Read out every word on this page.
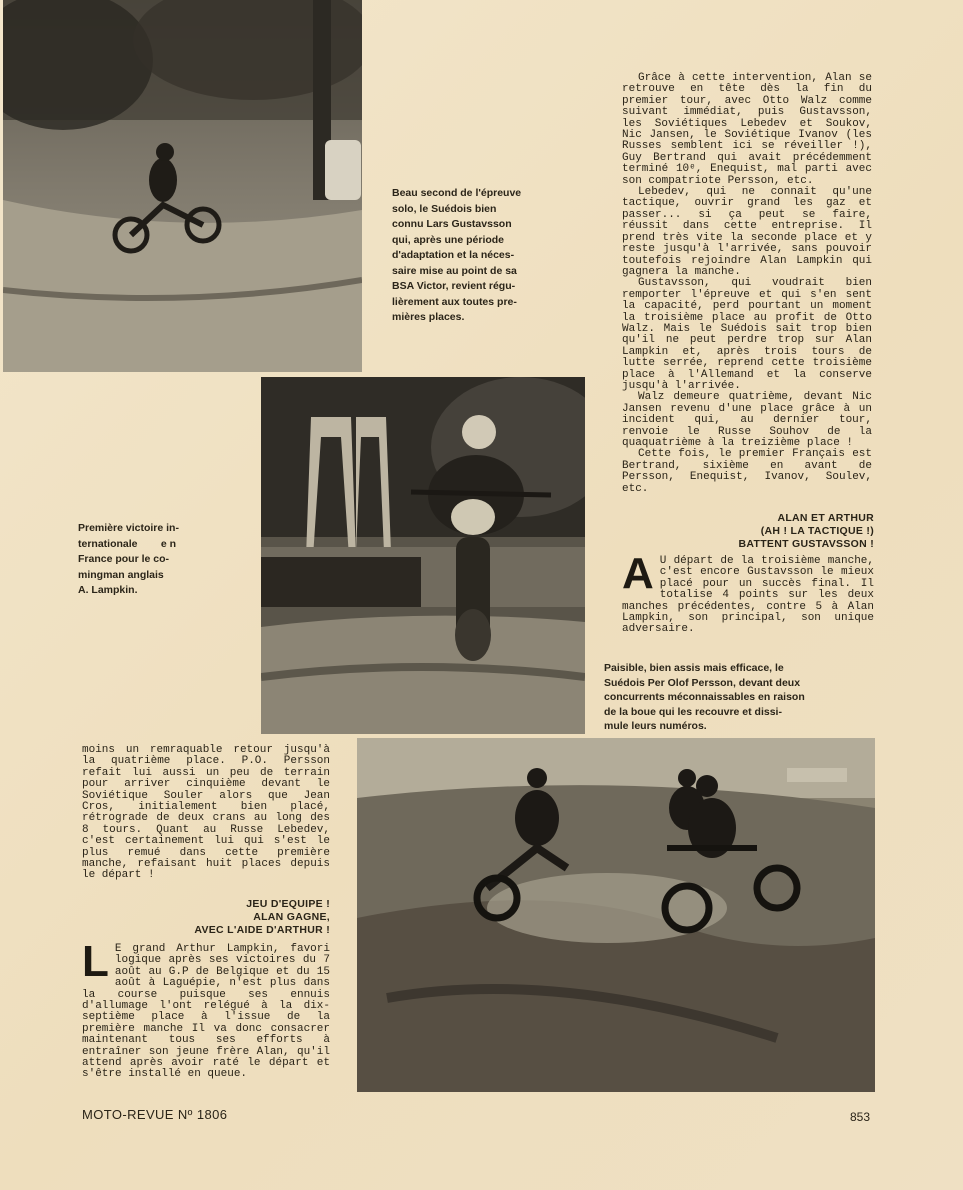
Beau second de l'épreuve
solo, le Suédois bien
connu Lars Gustavsson
qui, après une période
d'adaptation et la néces-
saire mise au point de sa
BSA Victor, revient régu-
lièrement aux toutes pre-
mières places.
Première victoire in-
ternationale        e n
France pour le co-
mingman anglais
A. Lampkin.

Grâce à cette intervention, Alan se retrouve en tête dès la fin du premier tour, avec Otto Walz comme suivant immédiat, puis Gustavsson, les Soviétiques Lebedev et Soukov, Nic Jansen, le Soviétique Ivanov (les Russes semblent ici se réveiller !), Guy Bertrand qui avait précédemment terminé 10ᵉ, Enequist, mal parti avec son compatriote Persson, etc.

Lebedev, qui ne connait qu'une tactique, ouvrir grand les gaz et passer... si ça peut se faire, réussit dans cette entreprise. Il prend très vite la seconde place et y reste jusqu'à l'arrivée, sans pouvoir toutefois rejoindre Alan Lampkin qui gagnera la manche.

Gustavsson, qui voudrait bien remporter l'épreuve et qui s'en sent la capacité, perd pourtant un moment la troisième place au profit de Otto Walz. Mais le Suédois sait trop bien qu'il ne peut perdre trop sur Alan Lampkin et, après trois tours de lutte serrée, reprend cette troisième place à l'Allemand et la conserve jusqu'à l'arrivée.

Walz demeure quatrième, devant Nic Jansen revenu d'une place grâce à un incident qui, au dernier tour, renvoie le Russe Souhov de la quaquatrième à la treizième place !

Cette fois, le premier Français est Bertrand, sixième en avant de Persson, Enequist, Ivanov, Soulev, etc.

ALAN ET ARTHUR
(AH ! LA TACTIQUE !)
BATTENT GUSTAVSSON !
A U départ de la troisième manche, c'est encore Gustavsson le mieux placé pour un succès final. Il totalise 4 points sur les deux manches précédentes, contre 5 à Alan Lampkin, son principal, son unique adversaire.
Paisible, bien assis mais efficace, le
Suédois Per Olof Persson, devant deux
concurrents méconnaissables en raison
de la boue qui les recouvre et dissi-
mule leurs numéros.

moins un remraquable retour jusqu'à la quatrième place. P.O. Persson refait lui aussi un peu de terrain pour arriver cinquième devant le Soviétique Souler alors que Jean Cros, initialement bien placé, rétrograde de deux crans au long des 8 tours. Quant au Russe Lebedev, c'est certainement lui qui s'est le plus remué dans cette première manche, refaisant huit places depuis le départ !

JEU D'EQUIPE !
ALAN GAGNE,
AVEC L'AIDE D'ARTHUR !
L E grand Arthur Lampkin, favori logique après ses victoires du 7 août au G.P de Belgique et du 15 août à Laguépie, n'est plus dans la course puisque ses ennuis d'allumage l'ont relégué à la dix-septième place à l'issue de la première manche Il va donc consacrer maintenant tous ses efforts à entraîner son jeune frère Alan, qu'il attend après avoir raté le départ et s'être installé en queue.
MOTO-REVUE Nº 1806	853
